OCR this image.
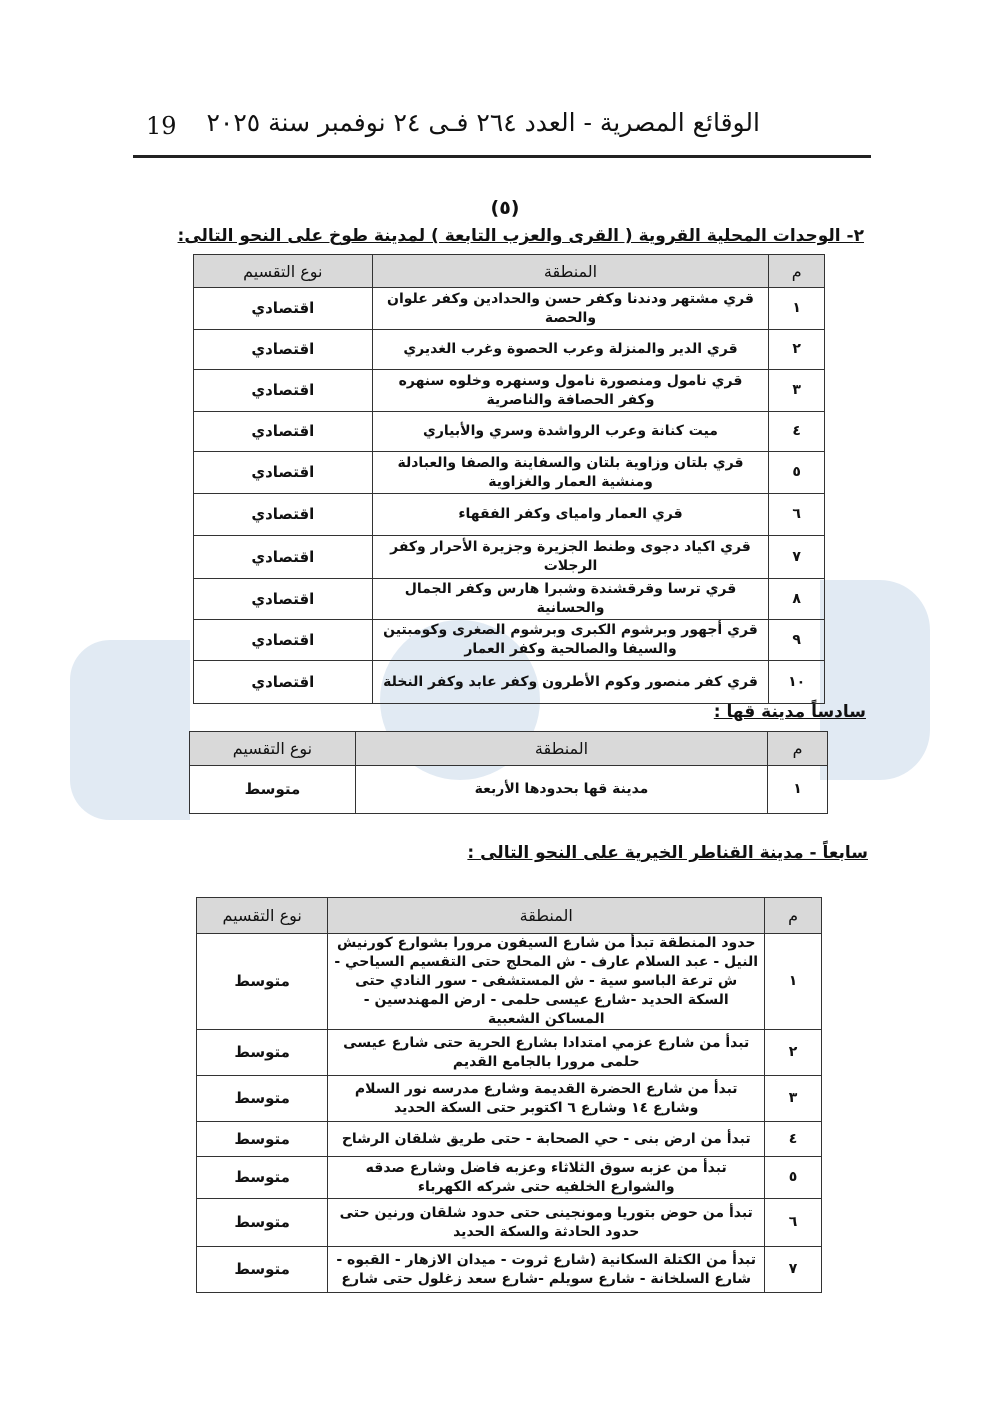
الوقائع المصرية - العدد ٢٦٤ فـى ٢٤ نوفمبر سنة ٢٠٢٥
19
(٥)
٢- الوحدات المحلية القروية ( القرى والعزب التابعة ) لمدينة طوخ على النحو التالى:
م	المنطقة	نوع التقسيم
١	قري مشتهر ودندنا وكفر حسن والحدادين وكفر علوان والحصة	اقتصادي
٢	قري الدير والمنزلة وعرب الحصوة وغرب الغديري	اقتصادي
٣	قري نامول ومنصورة نامول وسنهره وخلوه سنهره وكفر الحصافة والناصرية	اقتصادي
٤	ميت كنانة وعرب الرواشدة وسري والأبياري	اقتصادي
٥	قري بلتان وزاوية بلتان والسفاينة والصفا والعبادلة ومنشية العمار والغزاوية	اقتصادي
٦	قري العمار واميای وكفر الفقهاء	اقتصادي
٧	قري اكياد دجوى وطنط الجزيرة وجزيرة الأحرار وكفر الرجلات	اقتصادي
٨	قري ترسا وقرقشندة وشبرا هارس وكفر الجمال والحسانية	اقتصادي
٩	قري أجهور وبرشوم الكبرى وبرشوم الصغرى وكومبتين والسيفا والصالحية وكفر العمار	اقتصادي
١٠	قري كفر منصور وكوم الأطرون وكفر عابد وكفر النخلة	اقتصادي
سادساً مدينة قها :
م	المنطقة	نوع التقسيم
١	مدينة قها بحدودها الأربعة	متوسط
سابعاً - مدينة القناطر الخيرية على النحو التالى :
م	المنطقة	نوع التقسيم
١	حدود المنطقة تبدأ من شارع السيفون مرورا بشوارع كورنيش النيل - عبد السلام عارف - ش المحلج حتى التقسيم السياحي - ش ترعة الباسو سية - ش المستشفى - سور النادي حتى السكة الحديد -شارع عيسى حلمى - ارض المهندسين - المساكن الشعبية	متوسط
٢	تبدأ من شارع عزمي امتدادا بشارع الحرية حتى شارع عيسى حلمى مرورا بالجامع القديم	متوسط
٣	تبدأ من شارع الحضرة القديمة وشارع مدرسه نور السلام وشارع ١٤ وشارع ٦ اكتوبر حتى السكة الحديد	متوسط
٤	تبدأ من ارض بنى - حي الصحابة - حتى طريق شلقان الرشاح	متوسط
٥	تبدأ من عزبه سوق الثلاثاء وعزبه فاضل وشارع صدقه والشوارع الخلفيه حتى شركه الكهرباء	متوسط
٦	تبدأ من حوض بتوريا ومونجينى حتى حدود شلقان ورنين حتى حدود الحادثة والسكة الحديد	متوسط
٧	تبدأ من الكتلة السكانية (شارع ثروت - ميدان الازهار - القبوه - شارع السلخانة - شارع سويلم -شارع سعد زغلول حتى شارع	متوسط
